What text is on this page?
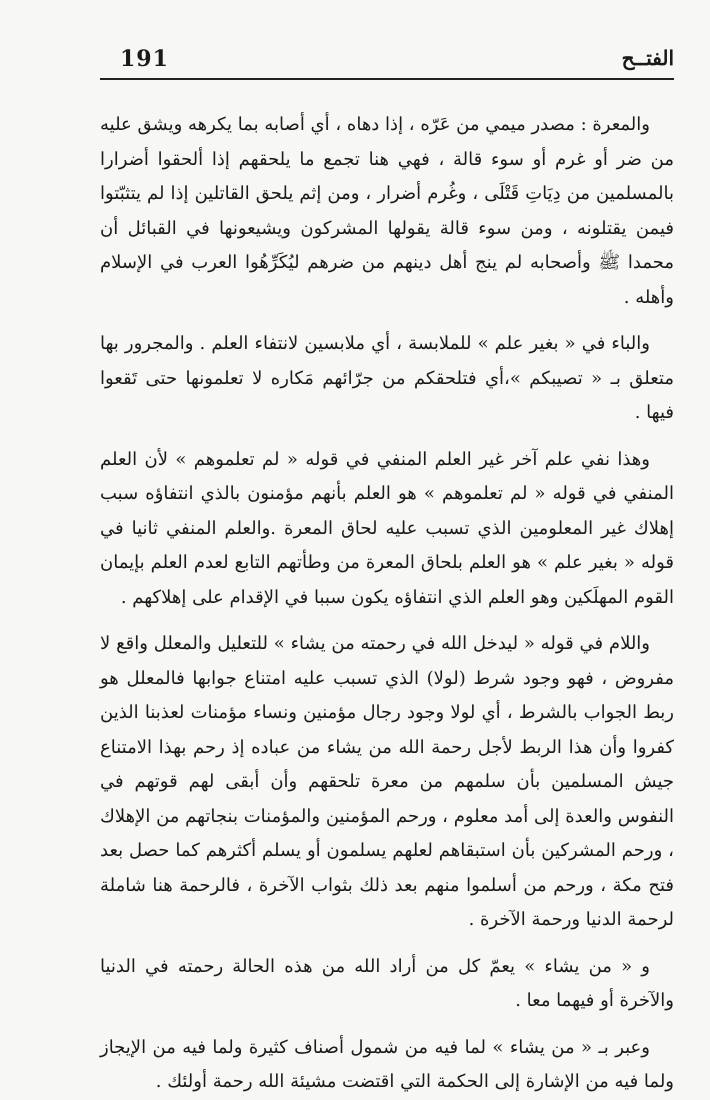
191	الفتــح

والمعرة : مصدر ميمي من عَرّه ، إذا دهاه ، أي أصابه بما يكرهه ويشق عليه من ضر أو غرم أو سوء قالة ، فهي هنا تجمع ما يلحقهم إذا ألحقوا أضرارا بالمسلمين من دِيَاتِ قَتْلَى ، وغُرم أضرار ، ومن إثم يلحق القاتلين إذا لم يتثبّتوا فيمن يقتلونه ، ومن سوء قالة يقولها المشركون ويشيعونها في القبائل أن محمدا ﷺ وأصحابه لم ينج أهل دينهم من ضرهم ليُكَرِّهُوا العرب في الإسلام وأهله .

والباء في « بغير علم » للملابسة ، أي ملابسين لانتفاء العلم . والمجرور بها متعلق بـ « تصيبكم »،أي فتلحقكم من جرّائهم مَكاره لا تعلمونها حتى تَقعوا فيها .

وهذا نفي علم آخر غير العلم المنفي في قوله « لم تعلموهم » لأن العلم المنفي في قوله « لم تعلموهم » هو العلم بأنهم مؤمنون بالذي انتفاؤه سبب إهلاك غير المعلومين الذي تسبب عليه لحاق المعرة .والعلم المنفي ثانيا في قوله « بغير علم » هو العلم بلحاق المعرة من وطأتهم التابع لعدم العلم بإيمان القوم المهلَكين وهو العلم الذي انتفاؤه يكون سببا في الإقدام على إهلاكهم .

واللام في قوله « ليدخل الله في رحمته من يشاء » للتعليل والمعلل واقع لا مفروض ، فهو وجود شرط (لولا) الذي تسبب عليه امتناع جوابها فالمعلل هو ربط الجواب بالشرط ، أي لولا وجود رجال مؤمنين ونساء مؤمنات لعذبنا الذين كفروا وأن هذا الربط لأجل رحمة الله من يشاء من عباده إذ رحم بهذا الامتناع جيش المسلمين بأن سلمهم من معرة تلحقهم وأن أبقى لهم قوتهم في النفوس والعدة إلى أمد معلوم ، ورحم المؤمنين والمؤمنات بنجاتهم من الإهلاك ، ورحم المشركين بأن استبقاهم لعلهم يسلمون أو يسلم أكثرهم كما حصل بعد فتح مكة ، ورحم من أسلموا منهم بعد ذلك بثواب الآخرة ، فالرحمة هنا شاملة لرحمة الدنيا ورحمة الآخرة .

و « من يشاء » يعمّ كل من أراد الله من هذه الحالة رحمته في الدنيا والآخرة أو فيهما معا .

وعبر بـ « من يشاء » لما فيه من شمول أصناف كثيرة ولما فيه من الإيجاز ولما فيه من الإشارة إلى الحكمة التي اقتضت مشيئة الله رحمة أولئك .
